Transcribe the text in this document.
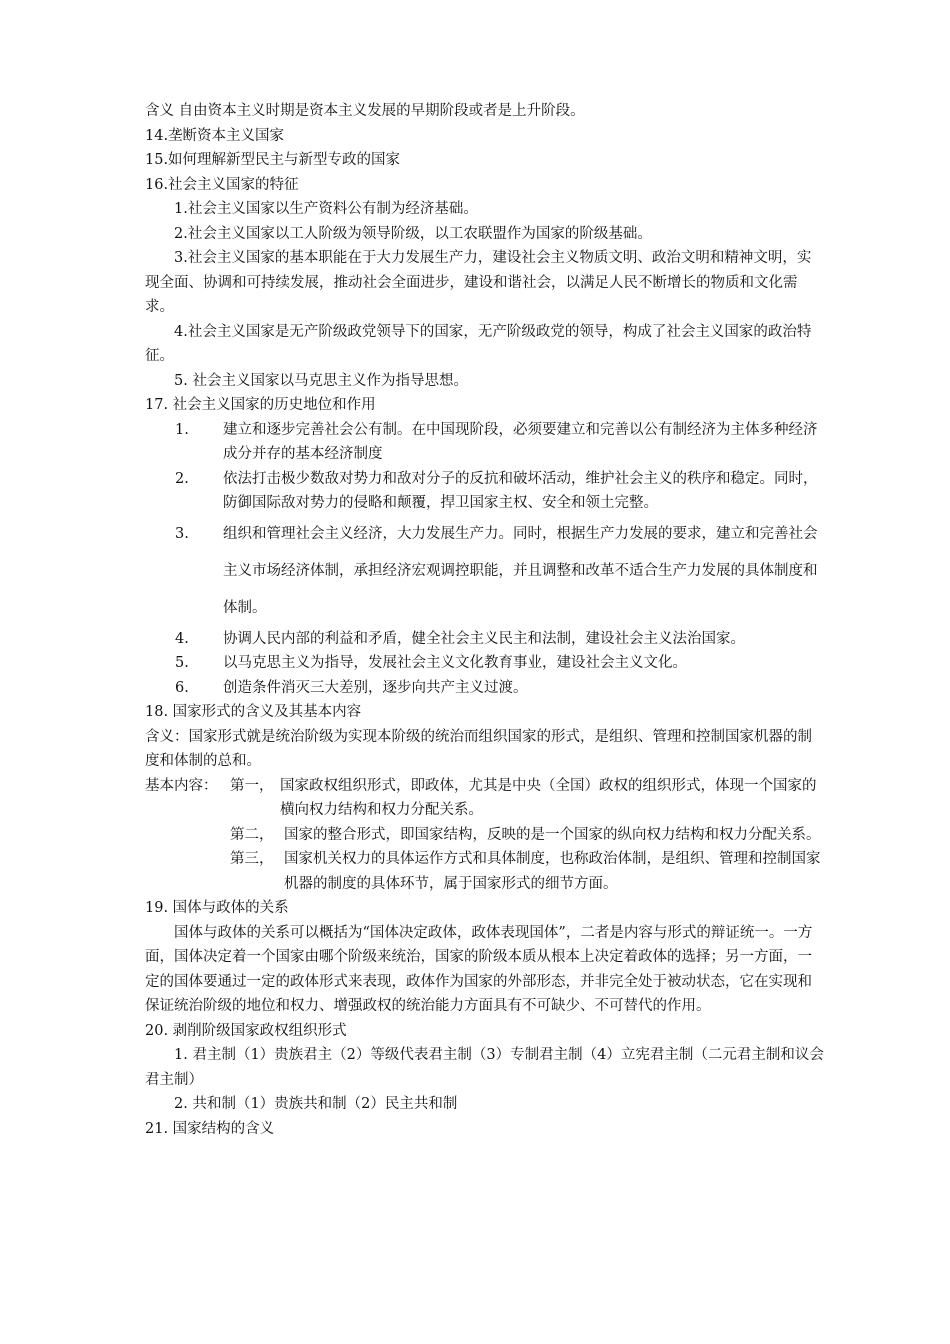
含义 自由资本主义时期是资本主义发展的早期阶段或者是上升阶段。

14.垄断资本主义国家

15.如何理解新型民主与新型专政的国家

16.社会主义国家的特征

1.社会主义国家以生产资料公有制为经济基础。

2.社会主义国家以工人阶级为领导阶级，以工农联盟作为国家的阶级基础。

3.社会主义国家的基本职能在于大力发展生产力，建设社会主义物质文明、政治文明和精神文明，实现全面、协调和可持续发展，推动社会全面进步，建设和谐社会，以满足人民不断增长的物质和文化需求。

4.社会主义国家是无产阶级政党领导下的国家，无产阶级政党的领导，构成了社会主义国家的政治特征。

5. 社会主义国家以马克思主义作为指导思想。

17. 社会主义国家的历史地位和作用

1.	建立和逐步完善社会公有制。在中国现阶段，必须要建立和完善以公有制经济为主体多种经济成分并存的基本经济制度
2.	依法打击极少数敌对势力和敌对分子的反抗和破坏活动，维护社会主义的秩序和稳定。同时，防御国际敌对势力的侵略和颠覆，捍卫国家主权、安全和领土完整。
3.	组织和管理社会主义经济，大力发展生产力。同时，根据生产力发展的要求，建立和完善社会主义市场经济体制，承担经济宏观调控职能，并且调整和改革不适合生产力发展的具体制度和体制。
4.	协调人民内部的利益和矛盾，健全社会主义民主和法制，建设社会主义法治国家。
5.	以马克思主义为指导，发展社会主义文化教育事业，建设社会主义文化。
6.	创造条件消灭三大差别，逐步向共产主义过渡。

18. 国家形式的含义及其基本内容

含义：国家形式就是统治阶级为实现本阶级的统治而组织国家的形式，是组织、管理和控制国家机器的制度和体制的总和。

基本内容： 第一， 国家政权组织形式，即政体，尤其是中央（全国）政权的组织形式，体现一个国家的横向权力结构和权力分配关系。
第二， 国家的整合形式，即国家结构，反映的是一个国家的纵向权力结构和权力分配关系。
第三， 国家机关权力的具体运作方式和具体制度，也称政治体制，是组织、管理和控制国家机器的制度的具体环节，属于国家形式的细节方面。

19. 国体与政体的关系

国体与政体的关系可以概括为“国体决定政体，政体表现国体”，二者是内容与形式的辩证统一。一方面，国体决定着一个国家由哪个阶级来统治，国家的阶级本质从根本上决定着政体的选择；另一方面，一定的国体要通过一定的政体形式来表现，政体作为国家的外部形态，并非完全处于被动状态，它在实现和保证统治阶级的地位和权力、增强政权的统治能力方面具有不可缺少、不可替代的作用。

20. 剥削阶级国家政权组织形式

1. 君主制（1）贵族君主（2）等级代表君主制（3）专制君主制（4）立宪君主制（二元君主制和议会君主制）

2. 共和制（1）贵族共和制（2）民主共和制

21. 国家结构的含义
